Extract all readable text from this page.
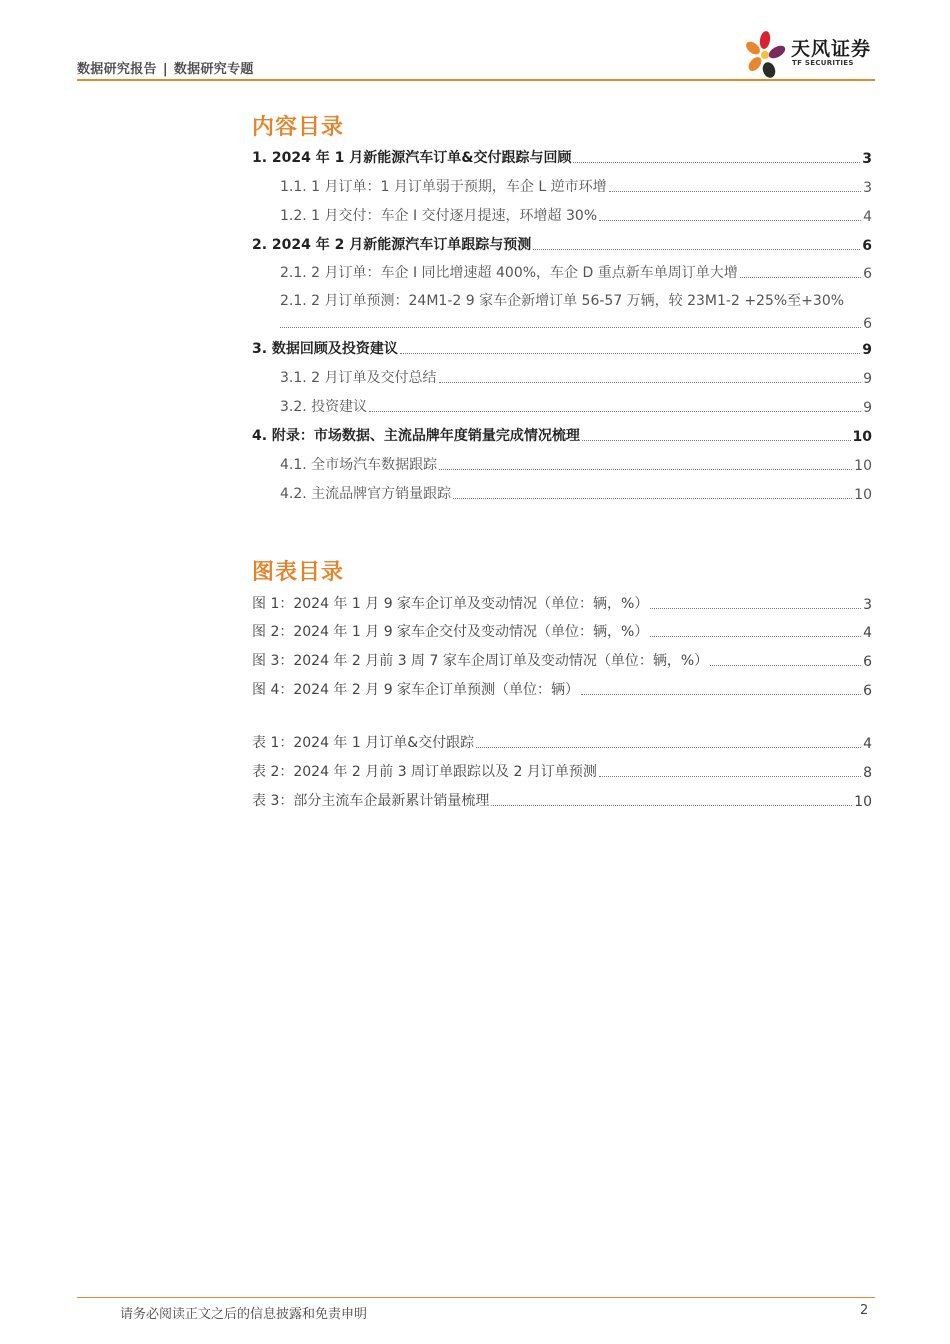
数据研究报告 | 数据研究专题
天风证券
TF SECURITIES
内容目录
1. 2024 年 1 月新能源汽车订单&交付跟踪与回顾	3
1.1. 1 月订单：1 月订单弱于预期，车企 L 逆市环增	3
1.2. 1 月交付：车企 I 交付逐月提速，环增超 30%	4
2. 2024 年 2 月新能源汽车订单跟踪与预测	6
2.1. 2 月订单：车企 I 同比增速超 400%，车企 D 重点新车单周订单大增	6
2.1. 2 月订单预测：24M1-2 9 家车企新增订单 56-57 万辆，较 23M1-2 +25%至+30%
6
3. 数据回顾及投资建议	9
3.1. 2 月订单及交付总结	9
3.2. 投资建议	9
4. 附录：市场数据、主流品牌年度销量完成情况梳理	10
4.1. 全市场汽车数据跟踪	10
4.2. 主流品牌官方销量跟踪	10
图表目录
图 1：2024 年 1 月 9 家车企订单及变动情况（单位：辆，%）	3
图 2：2024 年 1 月 9 家车企交付及变动情况（单位：辆，%）	4
图 3：2024 年 2 月前 3 周 7 家车企周订单及变动情况（单位：辆，%）	6
图 4：2024 年 2 月 9 家车企订单预测（单位：辆）	6
表 1：2024 年 1 月订单&交付跟踪	4
表 2：2024 年 2 月前 3 周订单跟踪以及 2 月订单预测	8
表 3：部分主流车企最新累计销量梳理	10
请务必阅读正文之后的信息披露和免责申明	2
